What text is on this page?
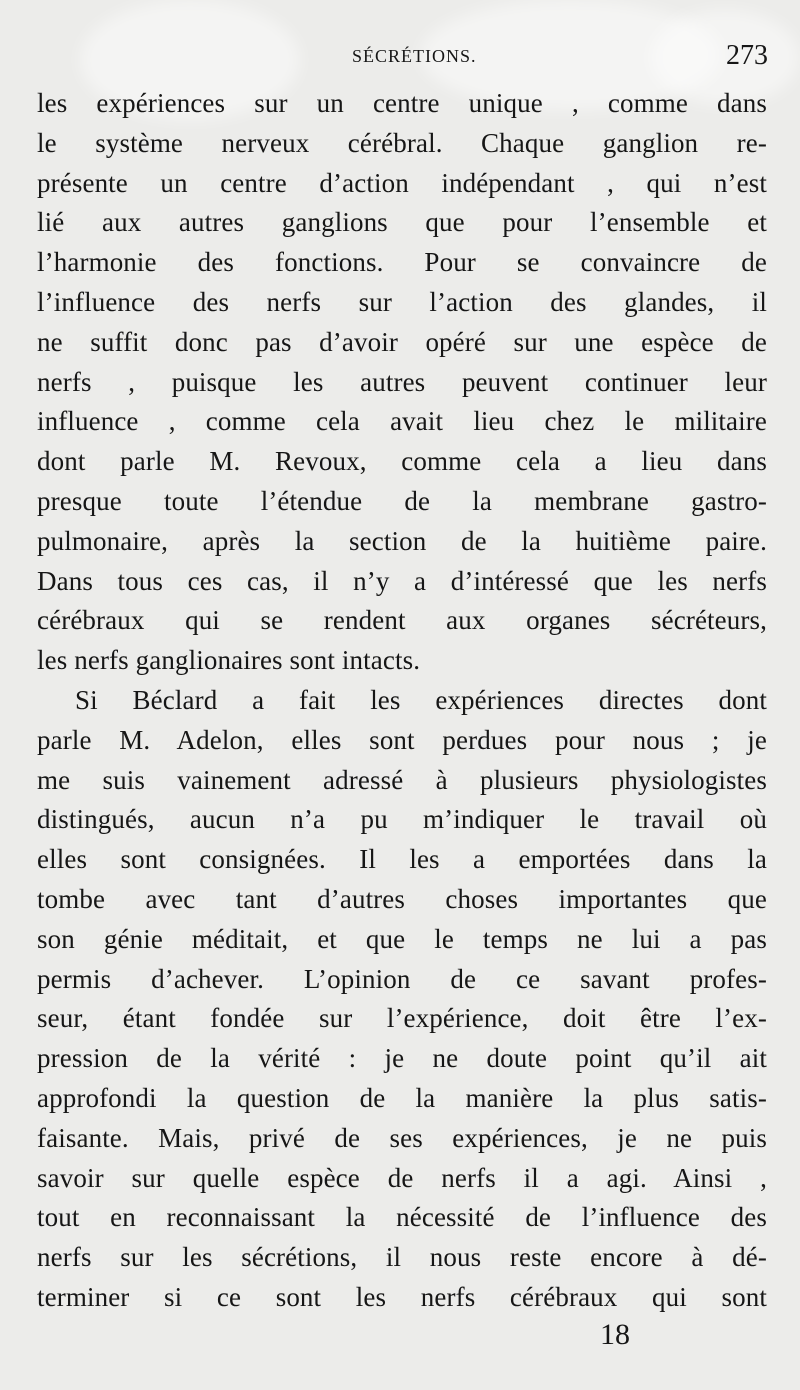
SÉCRÉTIONS.	273
les expériences sur un centre unique , comme dans
le système nerveux cérébral. Chaque ganglion re-
présente un centre d’action indépendant , qui n’est
lié aux autres ganglions que pour l’ensemble et
l’harmonie des fonctions. Pour se convaincre de
l’influence des nerfs sur l’action des glandes, il
ne suffit donc pas d’avoir opéré sur une espèce de
nerfs , puisque les autres peuvent continuer leur
influence , comme cela avait lieu chez le militaire
dont parle M. Revoux, comme cela a lieu dans
presque toute l’étendue de la membrane gastro-
pulmonaire, après la section de la huitième paire.
Dans tous ces cas, il n’y a d’intéressé que les nerfs
cérébraux qui se rendent aux organes sécréteurs,
les nerfs ganglionaires sont intacts.
Si Béclard a fait les expériences directes dont
parle M. Adelon, elles sont perdues pour nous ; je
me suis vainement adressé à plusieurs physiologistes
distingués, aucun n’a pu m’indiquer le travail où
elles sont consignées. Il les a emportées dans la
tombe avec tant d’autres choses importantes que
son génie méditait, et que le temps ne lui a pas
permis d’achever. L’opinion de ce savant profes-
seur, étant fondée sur l’expérience, doit être l’ex-
pression de la vérité : je ne doute point qu’il ait
approfondi la question de la manière la plus satis-
faisante. Mais, privé de ses expériences, je ne puis
savoir sur quelle espèce de nerfs il a agi. Ainsi ,
tout en reconnaissant la nécessité de l’influence des
nerfs sur les sécrétions, il nous reste encore à dé-
terminer si ce sont les nerfs cérébraux qui sont
18
